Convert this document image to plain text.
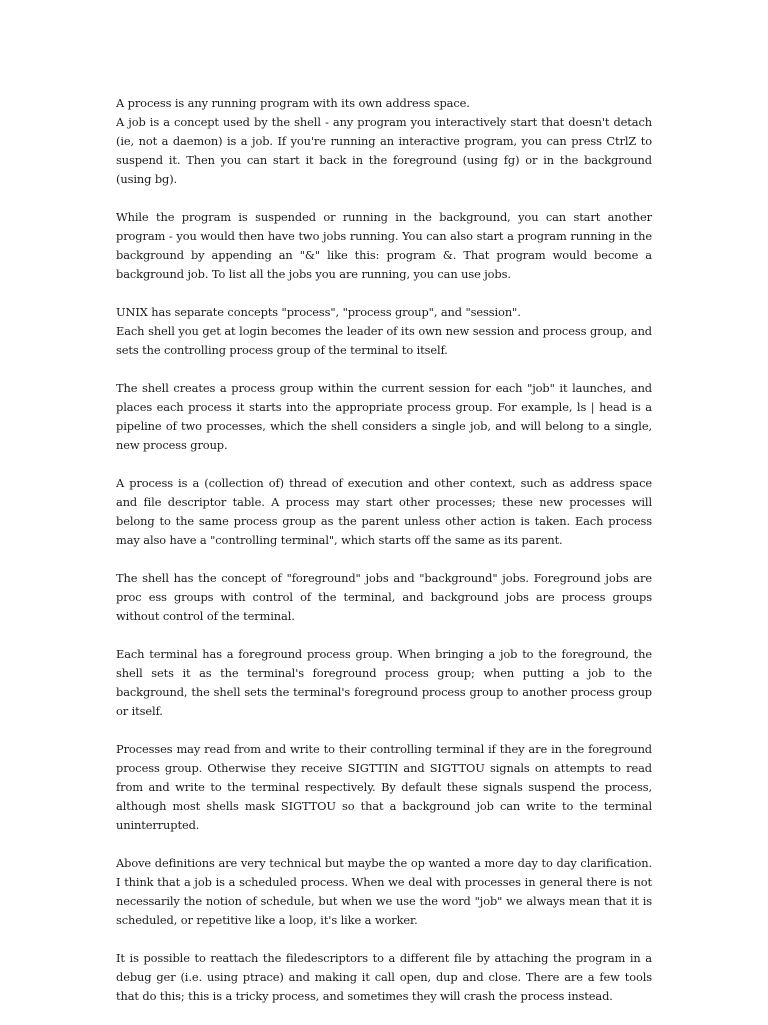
A process is any running program with its own address space.
A job is a concept used by the shell - any program you interactively start that doesn't detach (ie, not a daemon) is a job. If you're running an interactive program, you can press CtrlZ to suspend it. Then you can start it back in the foreground (using fg) or in the background (using bg).

While the program is suspended or running in the background, you can start another program - you would then have two jobs running. You can also start a program running in the background by appending an "&" like this: program &. That program would become a background job. To list all the jobs you are running, you can use jobs.

UNIX has separate concepts "process", "process group", and "session".
Each shell you get at login becomes the leader of its own new session and process group, and sets the controlling process group of the terminal to itself.

The shell creates a process group within the current session for each "job" it launches, and places each process it starts into the appropriate process group. For example, ls | head is a pipeline of two processes, which the shell considers a single job, and will belong to a single, new process group.

A process is a (collection of) thread of execution and other context, such as address space and file descriptor table. A process may start other processes; these new processes will belong to the same process group as the parent unless other action is taken. Each process may also have a "controlling terminal", which starts off the same as its parent.

The shell has the concept of "foreground" jobs and "background" jobs. Foreground jobs are proc ess groups with control of the terminal, and background jobs are process groups without control of the terminal.

Each terminal has a foreground process group. When bringing a job to the foreground, the shell sets it as the terminal's foreground process group; when putting a job to the background, the shell sets the terminal's foreground process group to another process group or itself.

Processes may read from and write to their controlling terminal if they are in the foreground process group. Otherwise they receive SIGTTIN and SIGTTOU signals on attempts to read from and write to the terminal respectively. By default these signals suspend the process, although most shells mask SIGTTOU so that a background job can write to the terminal uninterrupted.

Above definitions are very technical but maybe the op wanted a more day to day clarification. I think that a job is a scheduled process. When we deal with processes in general there is not necessarily the notion of schedule, but when we use the word "job" we always mean that it is scheduled, or repetitive like a loop, it's like a worker.

It is possible to reattach the filedescriptors to a different file by attaching the program in a debug ger (i.e. using ptrace) and making it call open, dup and close. There are a few tools that do this; this is a tricky process, and sometimes they will crash the process instead.
